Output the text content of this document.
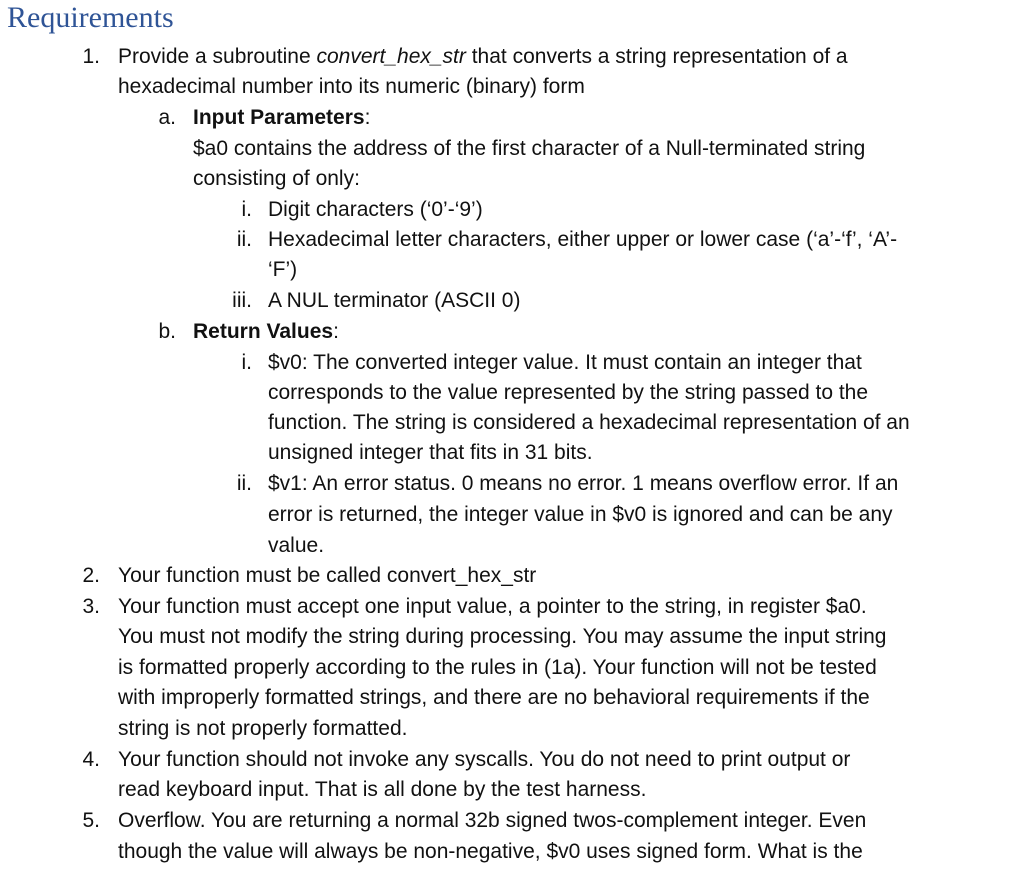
Requirements
1. Provide a subroutine convert_hex_str that converts a string representation of a
hexadecimal number into its numeric (binary) form
a. Input Parameters:
$a0 contains the address of the first character of a Null-terminated string
consisting of only:
i. Digit characters (‘0’-‘9’)
ii. Hexadecimal letter characters, either upper or lower case (‘a’-‘f’, ‘A’-
‘F’)
iii. A NUL terminator (ASCII 0)
b. Return Values:
i. $v0: The converted integer value. It must contain an integer that
corresponds to the value represented by the string passed to the
function. The string is considered a hexadecimal representation of an
unsigned integer that fits in 31 bits.
ii. $v1: An error status. 0 means no error. 1 means overflow error. If an
error is returned, the integer value in $v0 is ignored and can be any
value.
2. Your function must be called convert_hex_str
3. Your function must accept one input value, a pointer to the string, in register $a0.
You must not modify the string during processing. You may assume the input string
is formatted properly according to the rules in (1a). Your function will not be tested
with improperly formatted strings, and there are no behavioral requirements if the
string is not properly formatted.
4. Your function should not invoke any syscalls. You do not need to print output or
read keyboard input. That is all done by the test harness.
5. Overflow. You are returning a normal 32b signed twos-complement integer. Even
though the value will always be non-negative, $v0 uses signed form. What is the
